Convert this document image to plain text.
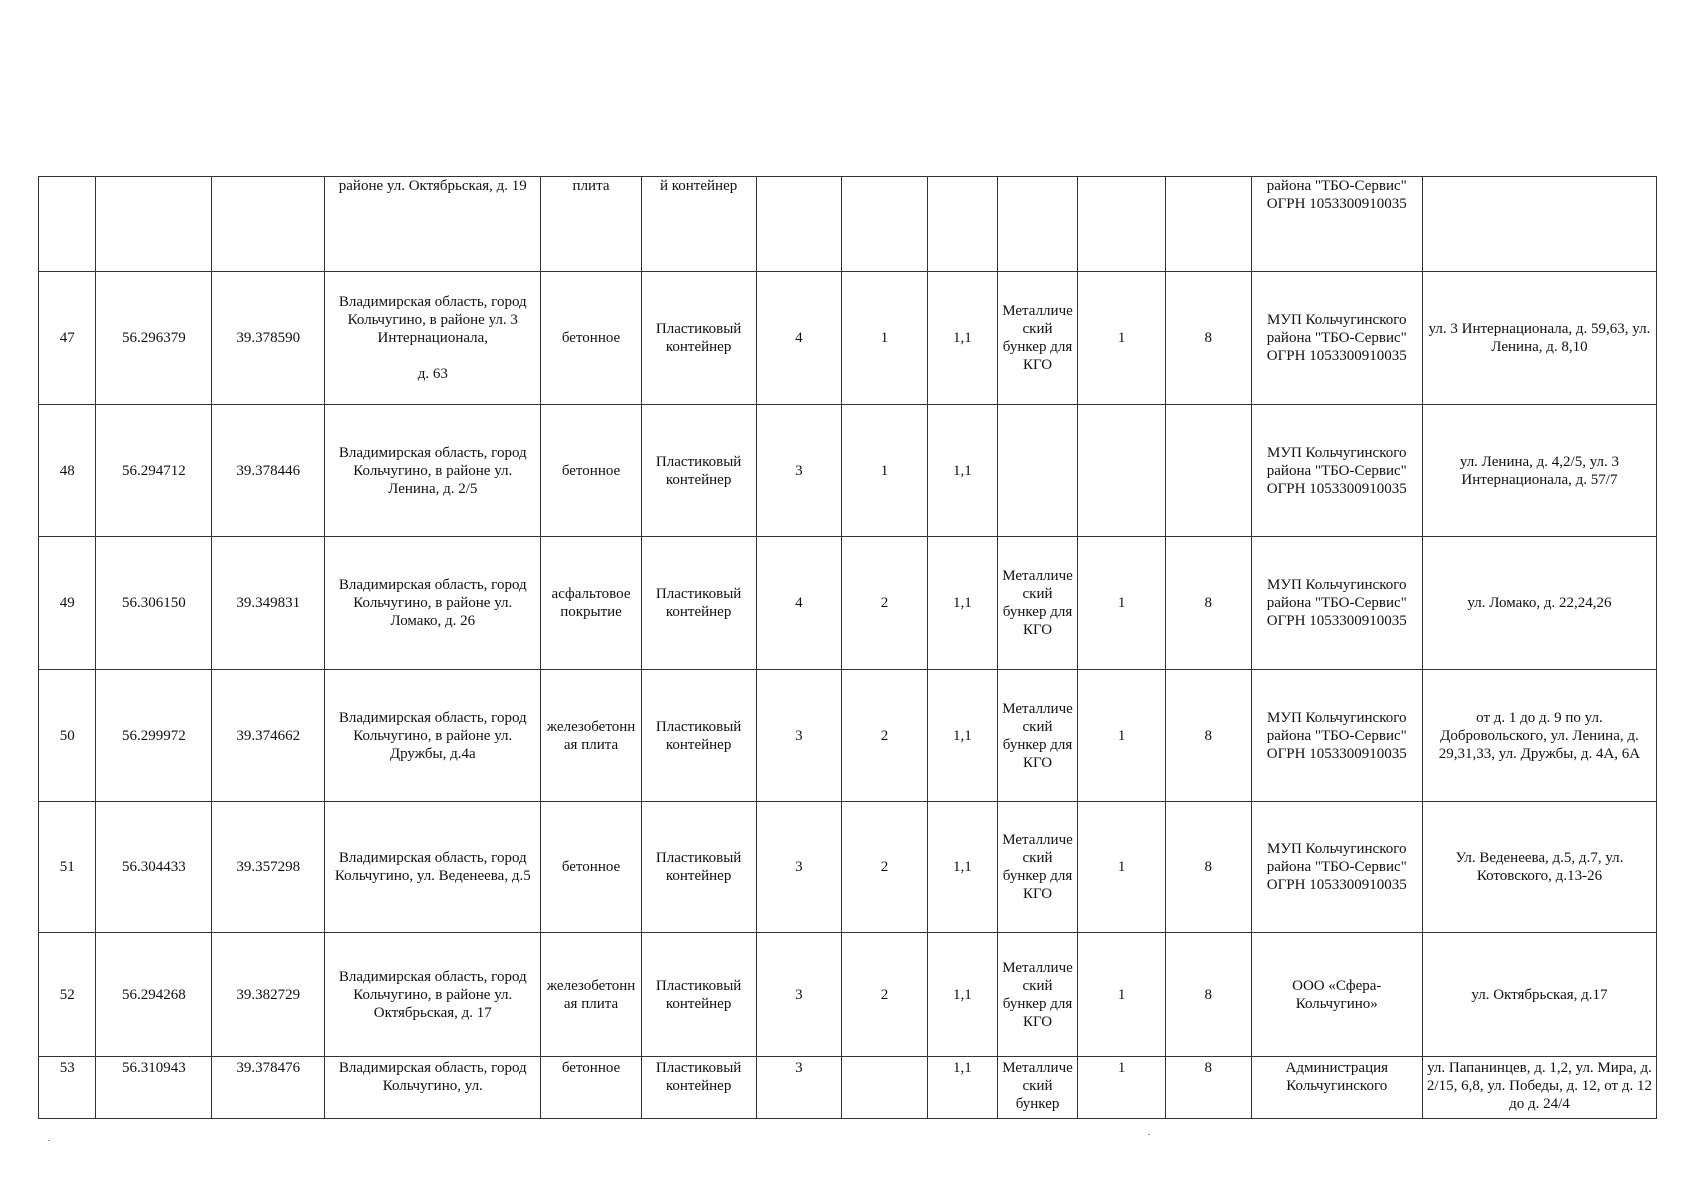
			районе ул. Октябрьская, д. 19	плита	й контейнер							района "ТБО-Сервис" ОГРН 1053300910035	
47	56.296379	39.378590	Владимирская область, город Кольчугино, в районе ул. 3 Интернационала,

д. 63	бетонное	Пластиковый контейнер	4	1	1,1	Металлический бункер для КГО	1	8	МУП Кольчугинского района "ТБО-Сервис" ОГРН 1053300910035	ул. 3 Интернационала, д. 59,63, ул. Ленина, д. 8,10
48	56.294712	39.378446	Владимирская область, город Кольчугино, в районе ул. Ленина, д. 2/5	бетонное	Пластиковый контейнер	3	1	1,1				МУП Кольчугинского района "ТБО-Сервис" ОГРН 1053300910035	ул. Ленина, д. 4,2/5, ул. 3 Интернационала, д. 57/7
49	56.306150	39.349831	Владимирская область, город Кольчугино, в районе ул. Ломако, д. 26	асфальтовое покрытие	Пластиковый контейнер	4	2	1,1	Металлический бункер для КГО	1	8	МУП Кольчугинского района "ТБО-Сервис" ОГРН 1053300910035	ул. Ломако, д. 22,24,26
50	56.299972	39.374662	Владимирская область, город Кольчугино, в районе ул. Дружбы, д.4а	железобетонная плита	Пластиковый контейнер	3	2	1,1	Металлический бункер для КГО	1	8	МУП Кольчугинского района "ТБО-Сервис" ОГРН 1053300910035	от д. 1 до д. 9 по ул. Добровольского, ул. Ленина, д. 29,31,33, ул. Дружбы, д. 4А, 6А
51	56.304433	39.357298	Владимирская область, город Кольчугино, ул. Веденеева, д.5	бетонное	Пластиковый контейнер	3	2	1,1	Металлический бункер для КГО	1	8	МУП Кольчугинского района "ТБО-Сервис" ОГРН 1053300910035	Ул. Веденеева, д.5, д.7, ул. Котовского, д.13-26
52	56.294268	39.382729	Владимирская область, город Кольчугино, в районе ул. Октябрьская, д. 17	железобетонная плита	Пластиковый контейнер	3	2	1,1	Металлический бункер для КГО	1	8	ООО «Сфера-Кольчугино»	ул. Октябрьская, д.17
53	56.310943	39.378476	Владимирская область, город Кольчугино, ул.	бетонное	Пластиковый контейнер	3		1,1	Металлический бункер	1	8	Администрация Кольчугинского	ул. Папанинцев, д. 1,2, ул. Мира, д. 2/15, 6,8, ул. Победы, д. 12, от д. 12 до д. 24/4
